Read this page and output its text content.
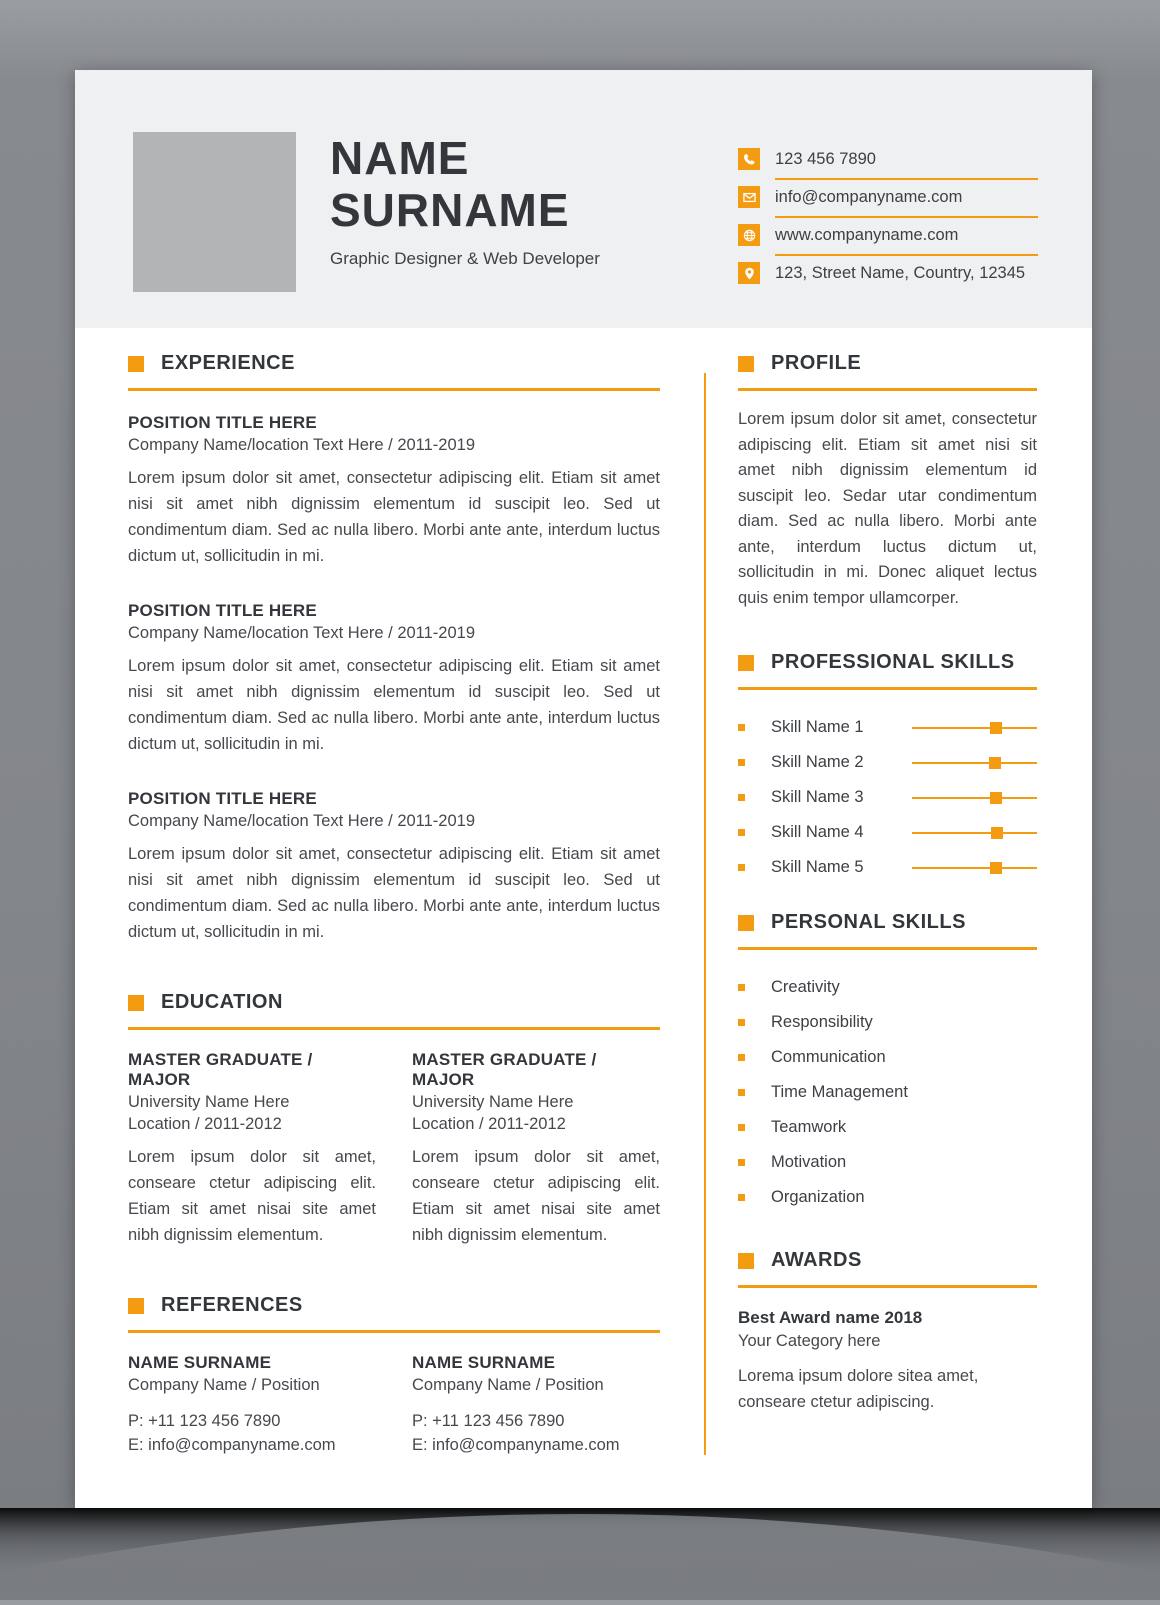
NAME
SURNAME
Graphic Designer & Web Developer
123 456 7890
info@companyname.com
www.companyname.com
123, Street Name, Country, 12345
EXPERIENCE
POSITION TITLE HERE
Company Name/location Text Here / 2011-2019
Lorem ipsum dolor sit amet, consectetur adipiscing elit. Etiam sit amet nisi sit amet nibh dignissim elementum id suscipit leo. Sed ut condimentum diam. Sed ac nulla libero. Morbi ante ante, interdum luctus dictum ut, sollicitudin in mi.
POSITION TITLE HERE
Company Name/location Text Here / 2011-2019
Lorem ipsum dolor sit amet, consectetur adipiscing elit. Etiam sit amet nisi sit amet nibh dignissim elementum id suscipit leo. Sed ut condimentum diam. Sed ac nulla libero. Morbi ante ante, interdum luctus dictum ut, sollicitudin in mi.
POSITION TITLE HERE
Company Name/location Text Here / 2011-2019
Lorem ipsum dolor sit amet, consectetur adipiscing elit. Etiam sit amet nisi sit amet nibh dignissim elementum id suscipit leo. Sed ut condimentum diam. Sed ac nulla libero. Morbi ante ante, interdum luctus dictum ut, sollicitudin in mi.
EDUCATION
MASTER GRADUATE / MAJOR
University Name Here
Location / 2011-2012
Lorem ipsum dolor sit amet, conseare ctetur adipiscing elit. Etiam sit amet nisai site amet nibh dignissim elementum.
MASTER GRADUATE / MAJOR
University Name Here
Location / 2011-2012
Lorem ipsum dolor sit amet, conseare ctetur adipiscing elit. Etiam sit amet nisai site amet nibh dignissim elementum.
REFERENCES
NAME SURNAME
Company Name / Position
P: +11 123 456 7890
E: info@companyname.com
NAME SURNAME
Company Name / Position
P: +11 123 456 7890
E: info@companyname.com
PROFILE
Lorem ipsum dolor sit amet, consectetur adipiscing elit. Etiam sit amet nisi sit amet nibh dignissim elementum id suscipit leo. Sedar utar condimentum diam. Sed ac nulla libero. Morbi ante ante, interdum luctus dictum ut, sollicitudin in mi. Donec aliquet lectus quis enim tempor ullamcorper.
PROFESSIONAL SKILLS
Skill Name 1
Skill Name 2
Skill Name 3
Skill Name 4
Skill Name 5
PERSONAL SKILLS
Creativity
Responsibility
Communication
Time Management
Teamwork
Motivation
Organization
AWARDS
Best Award name 2018
Your Category here
Lorema ipsum dolore sitea amet, conseare ctetur adipiscing.
